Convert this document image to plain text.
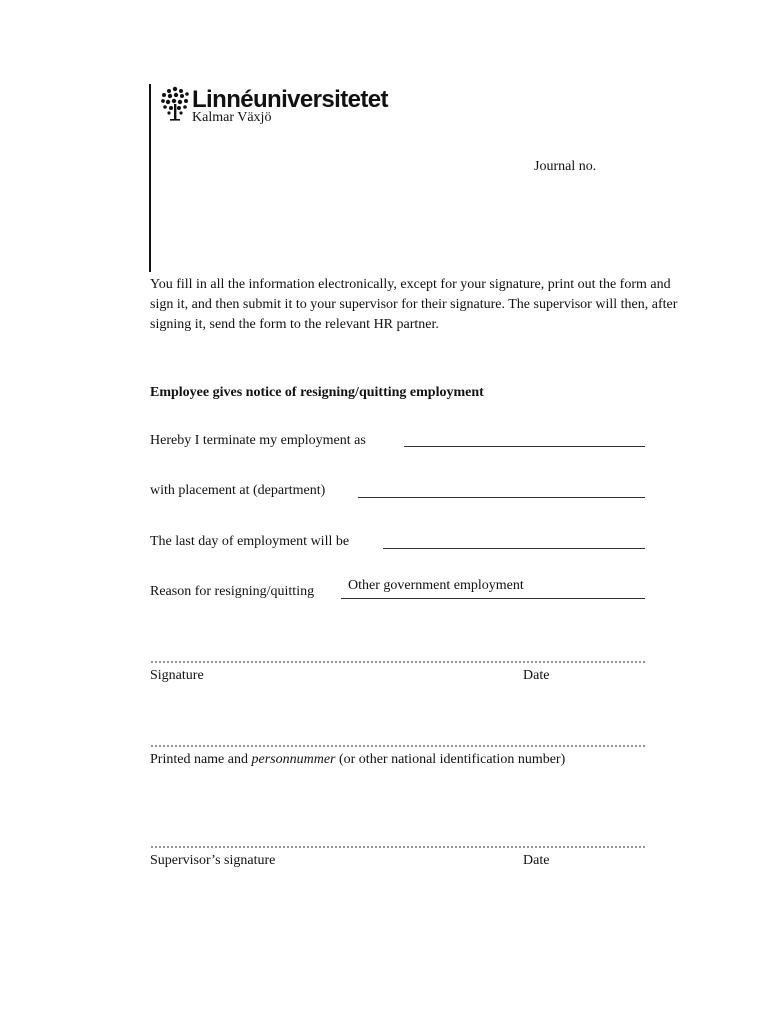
Linnéuniversitetet
Kalmar Växjö
Journal no.
You fill in all the information electronically, except for your signature, print out the form and sign it, and then submit it to your supervisor for their signature. The supervisor will then, after signing it, send the form to the relevant HR partner.
Employee gives notice of resigning/quitting employment
Hereby I terminate my employment as
with placement at (department)
The last day of employment will be
Reason for resigning/quitting Other government employment
Signature	Date
Printed name and personnummer (or other national identification number)
Supervisor’s signature	Date
